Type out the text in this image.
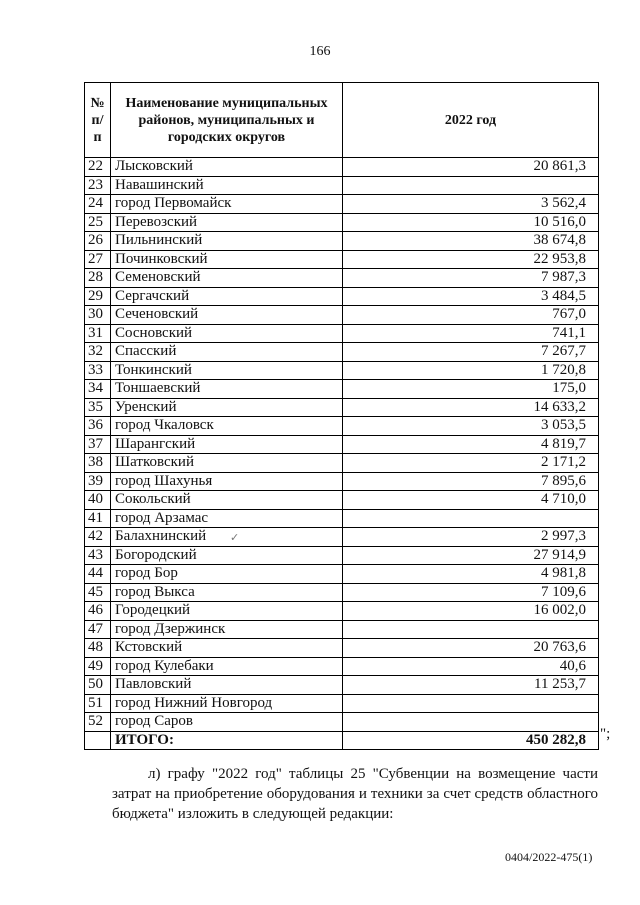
166
№ п/п	Наименование муниципальных районов, муниципальных и городских округов	2022 год
22	Лысковский	20 861,3
23	Навашинский	
24	город Первомайск	3 562,4
25	Перевозский	10 516,0
26	Пильнинский	38 674,8
27	Починковский	22 953,8
28	Семеновский	7 987,3
29	Сергачский	3 484,5
30	Сеченовский	767,0
31	Сосновский	741,1
32	Спасский	7 267,7
33	Тонкинский	1 720,8
34	Тоншаевский	175,0
35	Уренский	14 633,2
36	город Чкаловск	3 053,5
37	Шарангский	4 819,7
38	Шатковский	2 171,2
39	город Шахунья	7 895,6
40	Сокольский	4 710,0
41	город Арзамас	
42	Балахнинский	2 997,3
43	Богородский	27 914,9
44	город Бор	4 981,8
45	город Выкса	7 109,6
46	Городецкий	16 002,0
47	город Дзержинск	
48	Кстовский	20 763,6
49	город Кулебаки	40,6
50	Павловский	11 253,7
51	город Нижний Новгород	
52	город Саров	
	ИТОГО:	450 282,8 ";
✓
л) графу "2022 год" таблицы 25 "Субвенции на возмещение части затрат на приобретение оборудования и техники за счет средств областного бюджета" изложить в следующей редакции:
0404/2022-475(1)
